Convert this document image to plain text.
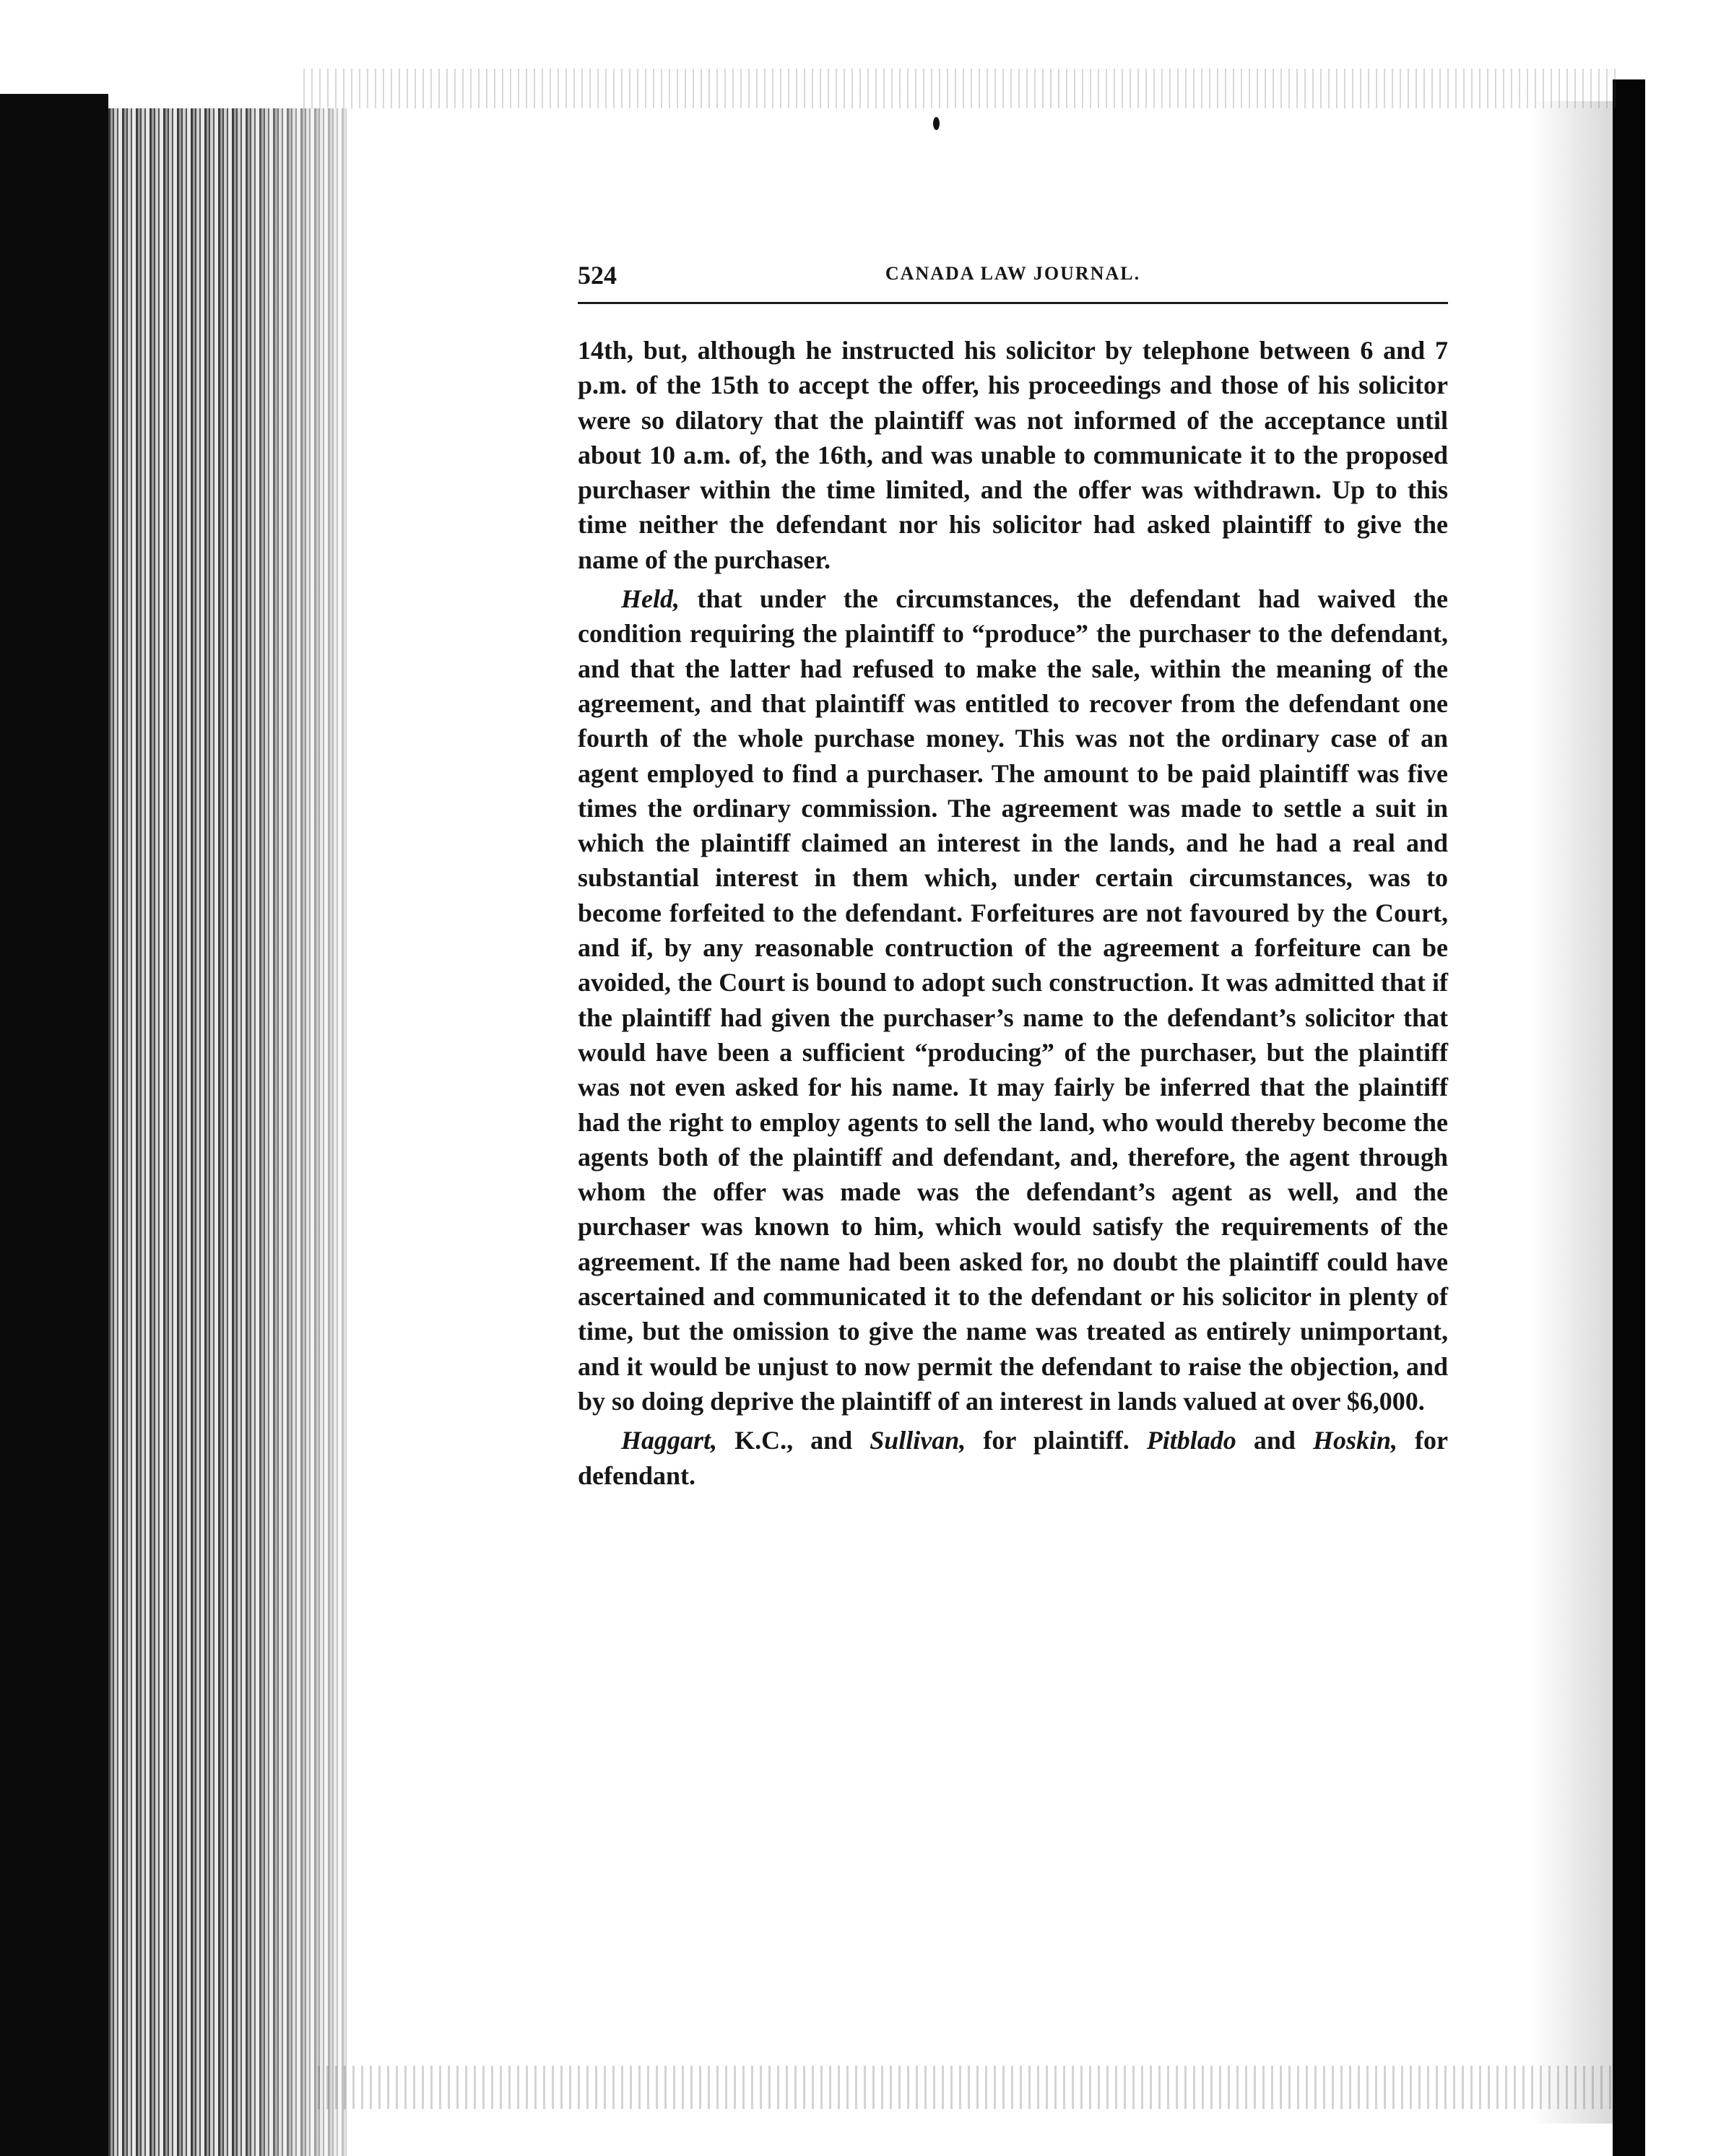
524	CANADA LAW JOURNAL.

14th, but, although he instructed his solicitor by telephone between 6 and 7 p.m. of the 15th to accept the offer, his proceedings and those of his solicitor were so dilatory that the plaintiff was not informed of the acceptance until about 10 a.m. of, the 16th, and was unable to communicate it to the proposed purchaser within the time limited, and the offer was withdrawn. Up to this time neither the defendant nor his solicitor had asked plaintiff to give the name of the purchaser.

Held, that under the circumstances, the defendant had waived the condition requiring the plaintiff to “produce” the purchaser to the defendant, and that the latter had refused to make the sale, within the meaning of the agreement, and that plaintiff was entitled to recover from the defendant one fourth of the whole purchase money. This was not the ordinary case of an agent employed to find a purchaser. The amount to be paid plaintiff was five times the ordinary commission. The agreement was made to settle a suit in which the plaintiff claimed an interest in the lands, and he had a real and substantial interest in them which, under certain circumstances, was to become forfeited to the defendant. Forfeitures are not favoured by the Court, and if, by any reasonable contruction of the agreement a forfeiture can be avoided, the Court is bound to adopt such construction. It was admitted that if the plaintiff had given the purchaser’s name to the defendant’s solicitor that would have been a sufficient “producing” of the purchaser, but the plaintiff was not even asked for his name. It may fairly be inferred that the plaintiff had the right to employ agents to sell the land, who would thereby become the agents both of the plaintiff and defendant, and, therefore, the agent through whom the offer was made was the defendant’s agent as well, and the purchaser was known to him, which would satisfy the requirements of the agreement. If the name had been asked for, no doubt the plaintiff could have ascertained and communicated it to the defendant or his solicitor in plenty of time, but the omission to give the name was treated as entirely unimportant, and it would be unjust to now permit the defendant to raise the objection, and by so doing deprive the plaintiff of an interest in lands valued at over $6,000.

Haggart, K.C., and Sullivan, for plaintiff. Pitblado and Hoskin, for defendant.
